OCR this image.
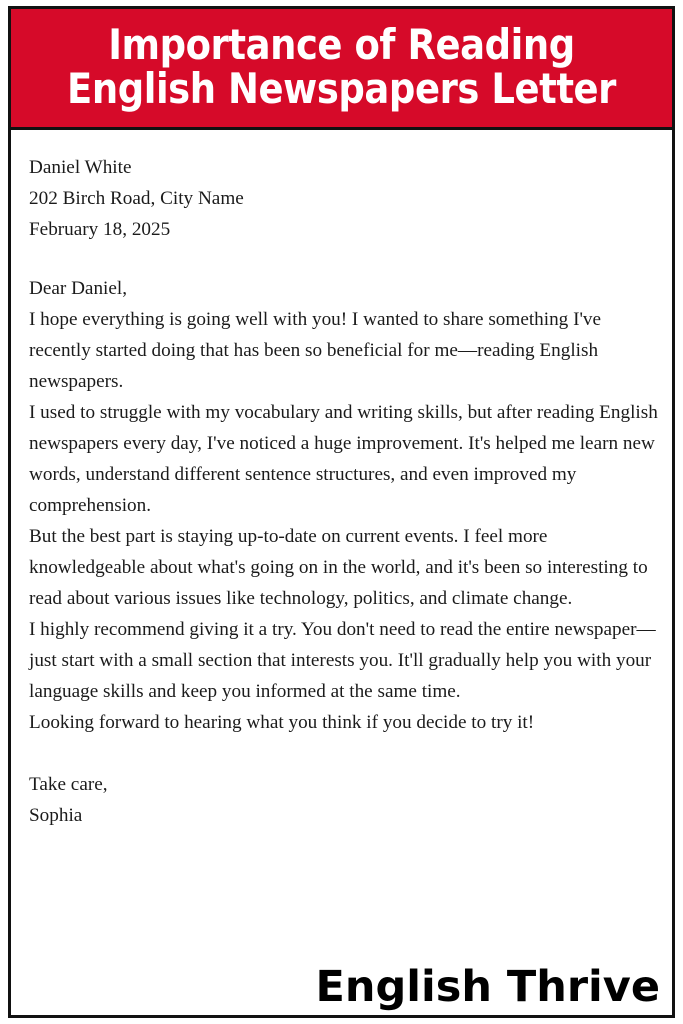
Importance of Reading
English Newspapers Letter
Daniel White
202 Birch Road, City Name
February 18, 2025
Dear Daniel,

I hope everything is going well with you! I wanted to share something I've recently started doing that has been so beneficial for me—reading English newspapers.

I used to struggle with my vocabulary and writing skills, but after reading English newspapers every day, I've noticed a huge improvement. It's helped me learn new words, understand different sentence structures, and even improved my comprehension.

But the best part is staying up-to-date on current events. I feel more knowledgeable about what's going on in the world, and it's been so interesting to read about various issues like technology, politics, and climate change.

I highly recommend giving it a try. You don't need to read the entire newspaper—just start with a small section that interests you. It'll gradually help you with your language skills and keep you informed at the same time.

Looking forward to hearing what you think if you decide to try it!

Take care,
Sophia
English Thrive
